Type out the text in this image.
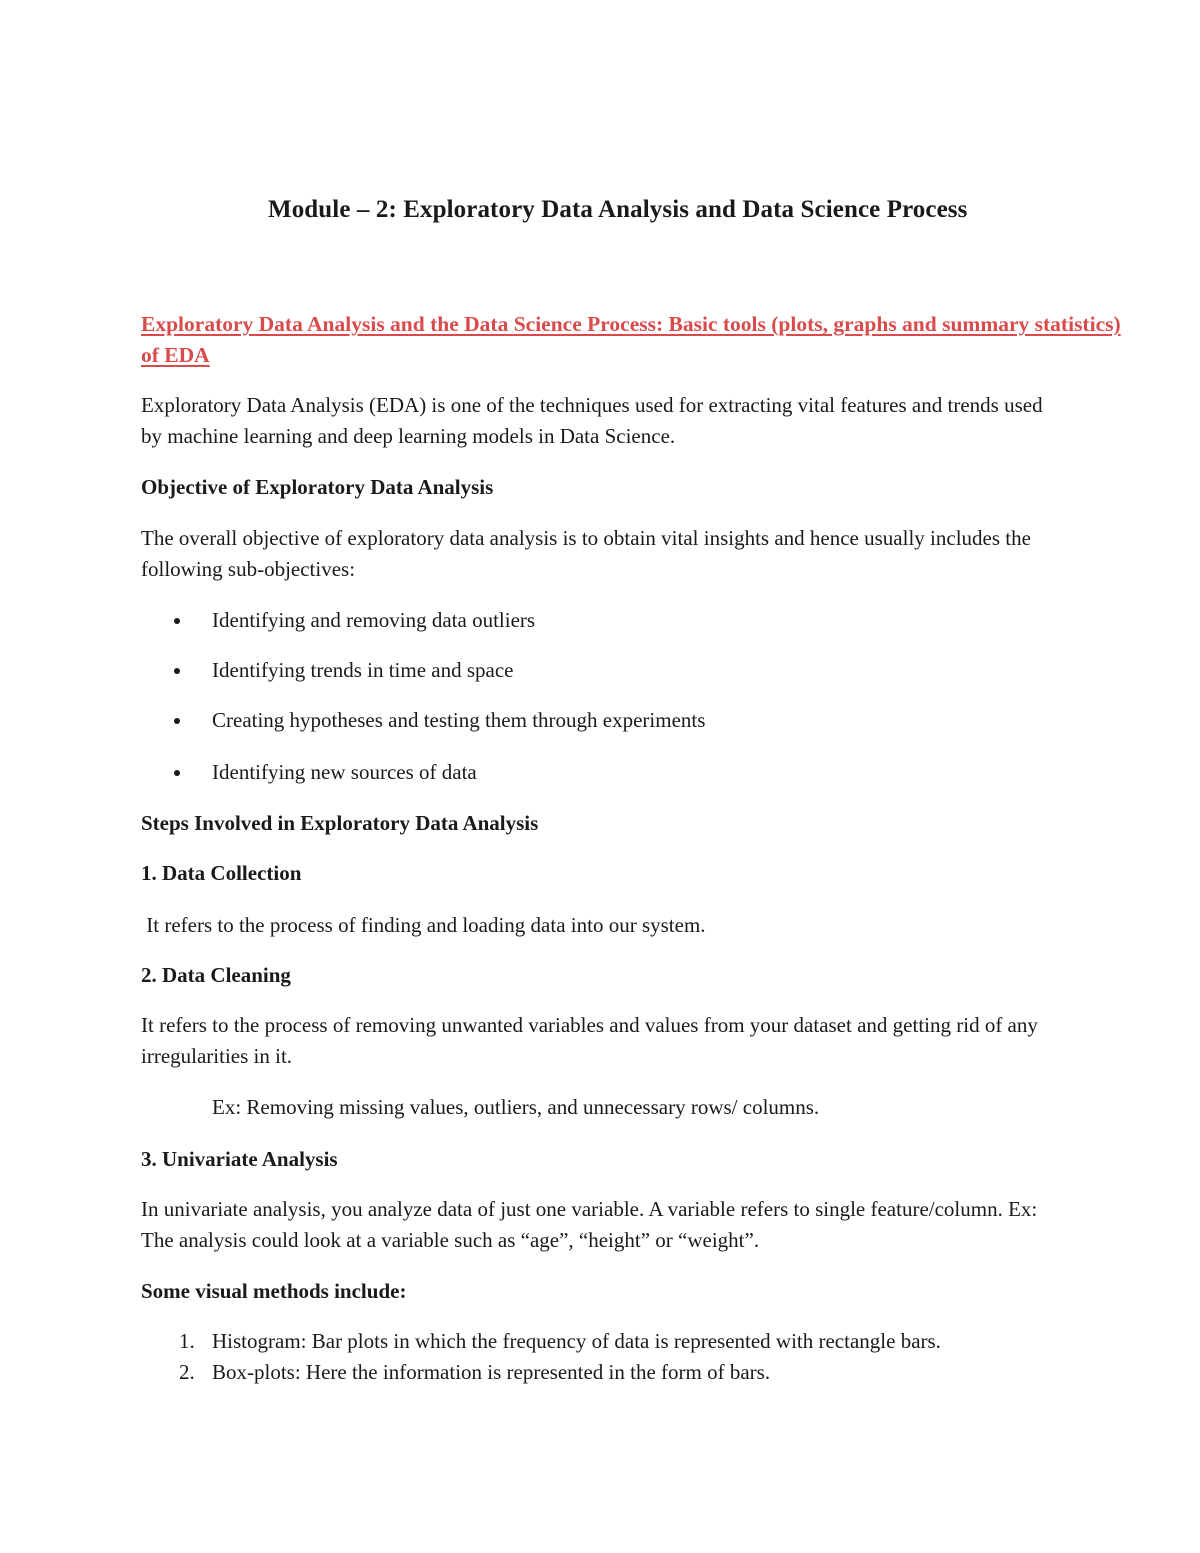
Module – 2: Exploratory Data Analysis and Data Science Process
Exploratory Data Analysis and the Data Science Process: Basic tools (plots, graphs and summary statistics) of EDA
Exploratory Data Analysis (EDA) is one of the techniques used for extracting vital features and trends used by machine learning and deep learning models in Data Science.
Objective of Exploratory Data Analysis
The overall objective of exploratory data analysis is to obtain vital insights and hence usually includes the following sub-objectives:
Identifying and removing data outliers
Identifying trends in time and space
Creating hypotheses and testing them through experiments
Identifying new sources of data
Steps Involved in Exploratory Data Analysis
1. Data Collection
It refers to the process of finding and loading data into our system.
2. Data Cleaning
It refers to the process of removing unwanted variables and values from your dataset and getting rid of any irregularities in it.
Ex: Removing missing values, outliers, and unnecessary rows/ columns.
3. Univariate Analysis
In univariate analysis, you analyze data of just one variable. A variable refers to single feature/column. Ex: The analysis could look at a variable such as “age”, “height” or “weight”.
Some visual methods include:
1. Histogram: Bar plots in which the frequency of data is represented with rectangle bars.
2. Box-plots: Here the information is represented in the form of bars.
